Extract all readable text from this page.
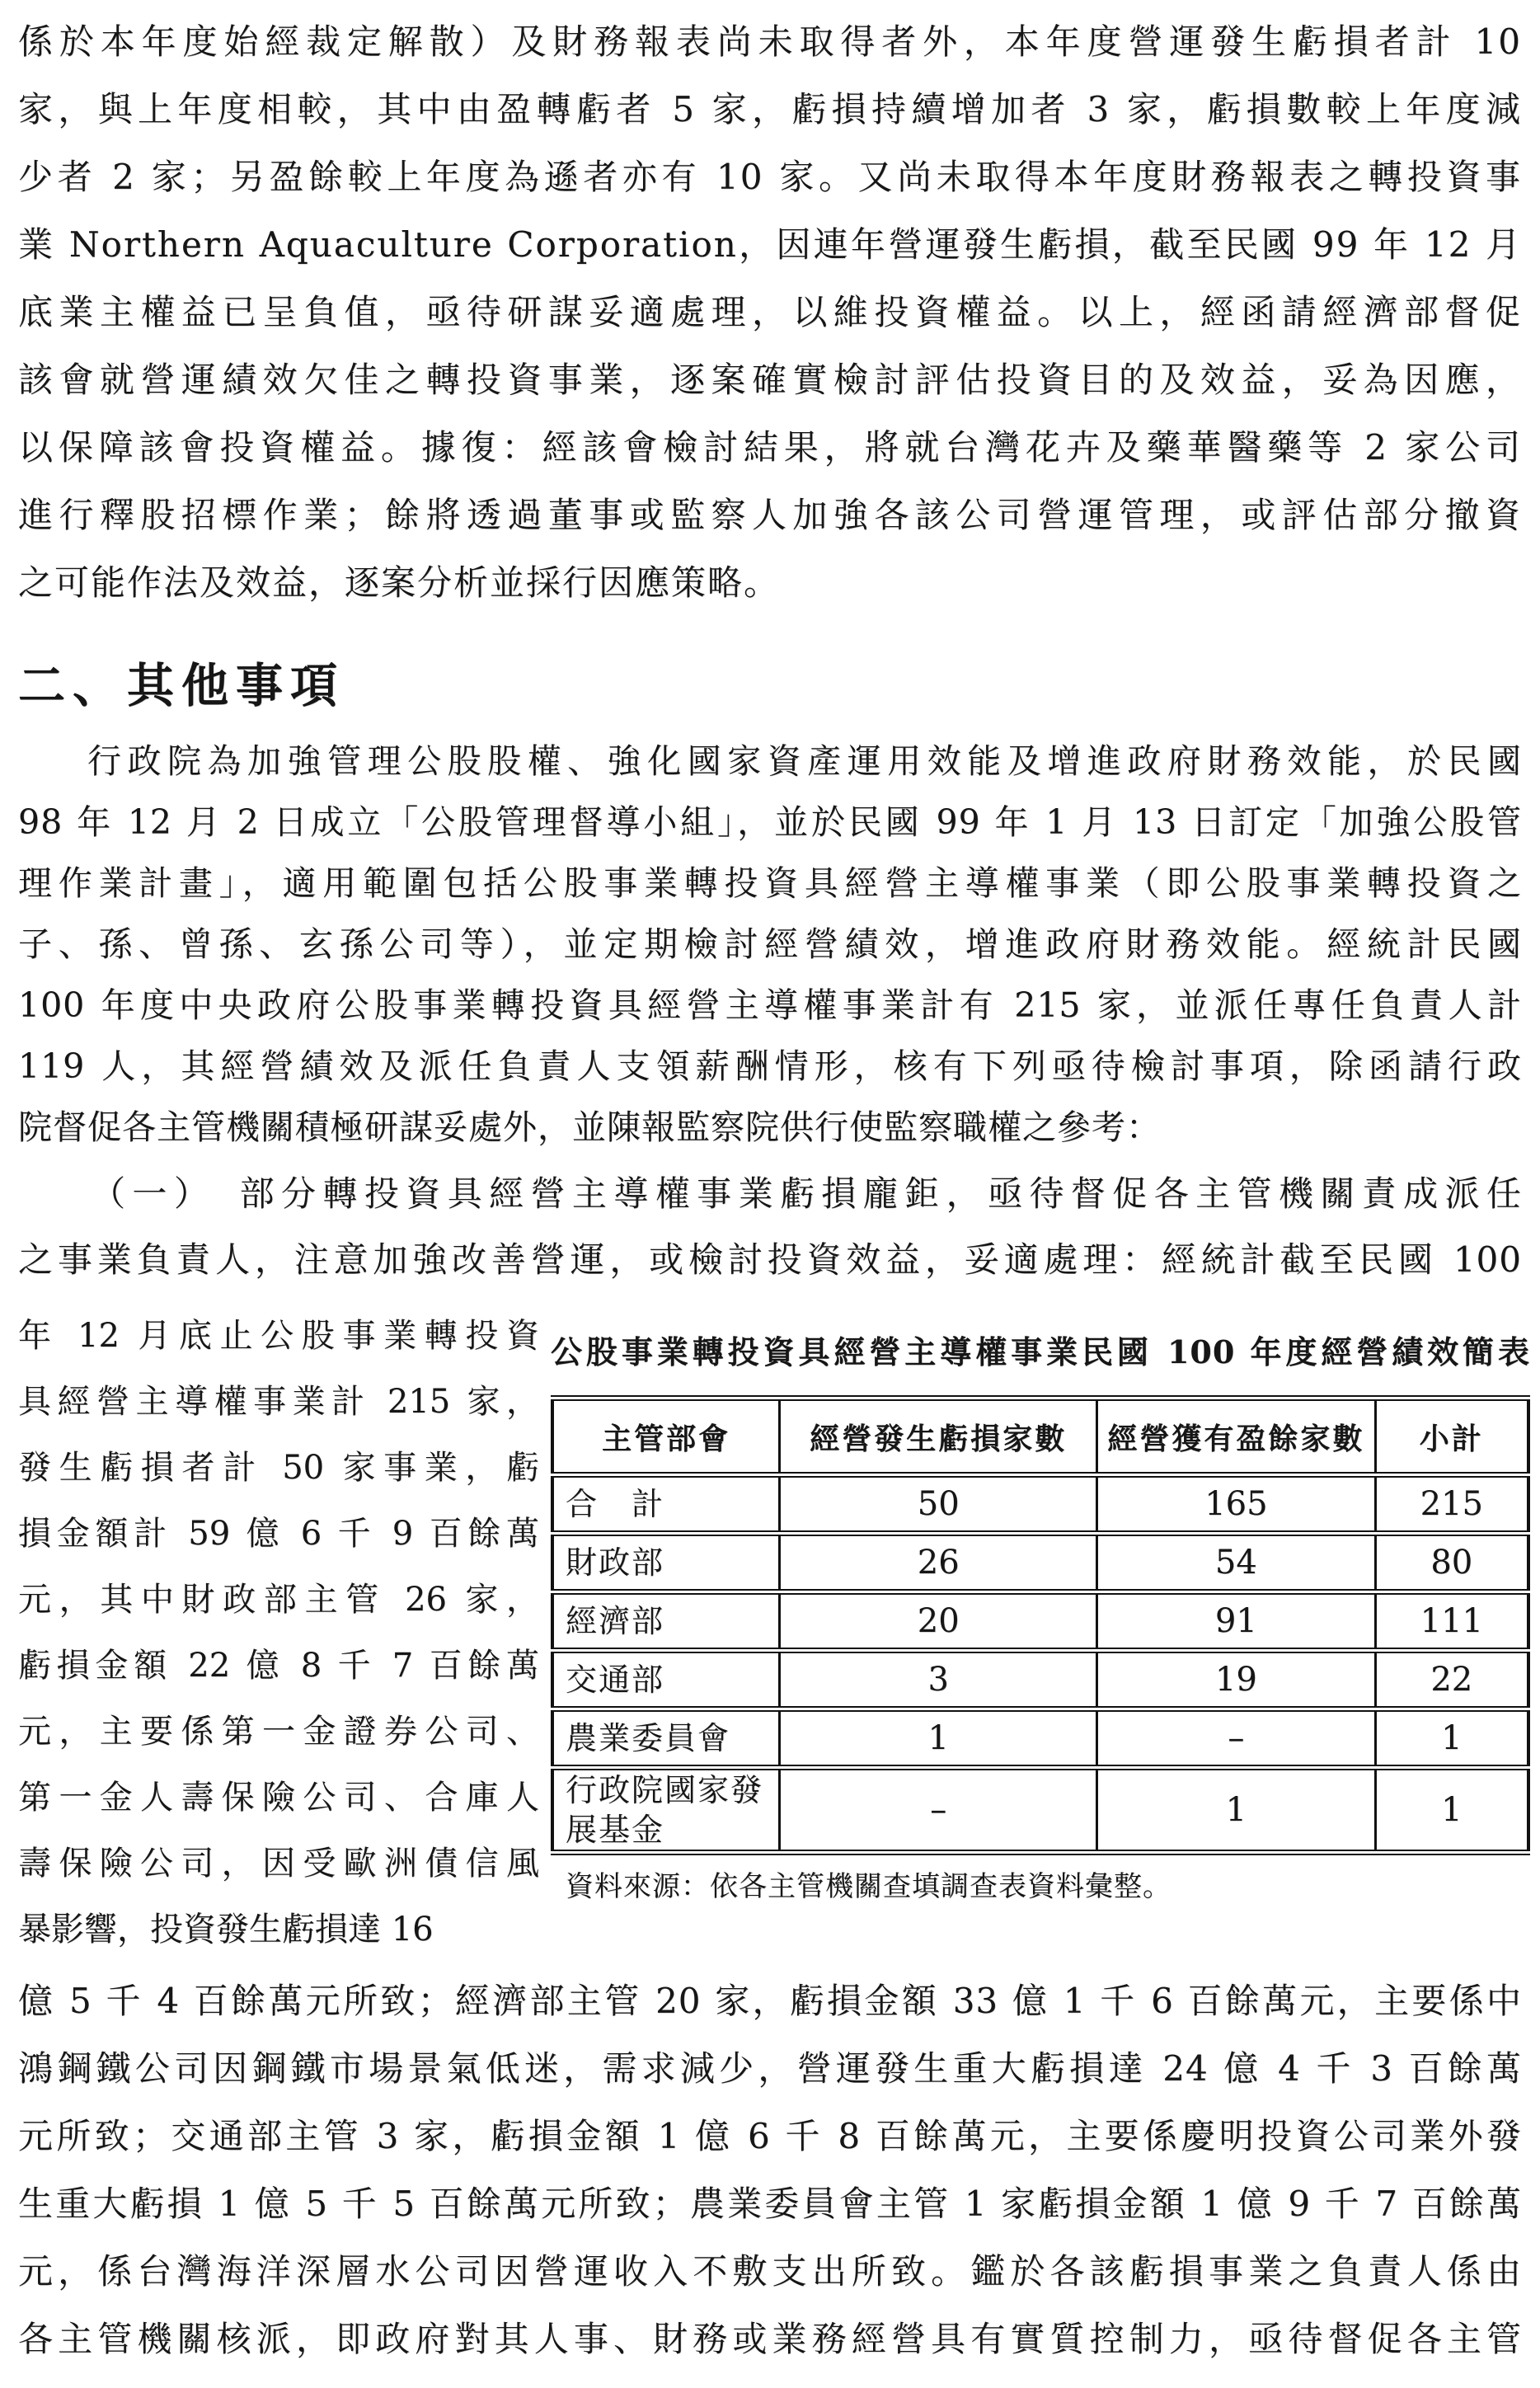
係於本年度始經裁定解散）及財務報表尚未取得者外，本年度營運發生虧損者計 10
家，與上年度相較，其中由盈轉虧者 5 家，虧損持續增加者 3 家，虧損數較上年度減
少者 2 家；另盈餘較上年度為遜者亦有 10 家。又尚未取得本年度財務報表之轉投資事
業 Northern Aquaculture Corporation，因連年營運發生虧損，截至民國 99 年 12 月
底業主權益已呈負值，亟待研謀妥適處理，以維投資權益。以上，經函請經濟部督促
該會就營運績效欠佳之轉投資事業，逐案確實檢討評估投資目的及效益，妥為因應，
以保障該會投資權益。據復：經該會檢討結果，將就台灣花卉及藥華醫藥等 2 家公司
進行釋股招標作業；餘將透過董事或監察人加強各該公司營運管理，或評估部分撤資
之可能作法及效益，逐案分析並採行因應策略。
二、其他事項
行政院為加強管理公股股權、強化國家資產運用效能及增進政府財務效能，於民國
98 年 12 月 2 日成立「公股管理督導小組」，並於民國 99 年 1 月 13 日訂定「加強公股管
理作業計畫」，適用範圍包括公股事業轉投資具經營主導權事業（即公股事業轉投資之
子、孫、曾孫、玄孫公司等），並定期檢討經營績效，增進政府財務效能。經統計民國
100 年度中央政府公股事業轉投資具經營主導權事業計有 215 家，並派任專任負責人計
119 人，其經營績效及派任負責人支領薪酬情形，核有下列亟待檢討事項，除函請行政
院督促各主管機關積極研謀妥處外，並陳報監察院供行使監察職權之參考：
（一）　部分轉投資具經營主導權事業虧損龐鉅，亟待督促各主管機關責成派任
之事業負責人，注意加強改善營運，或檢討投資效益，妥適處理：經統計截至民國 100
年 12 月底止公股事業轉投資
具經營主導權事業計 215 家，
發生虧損者計 50 家事業，虧
損金額計 59 億 6 千 9 百餘萬
元，其中財政部主管 26 家，
虧損金額 22 億 8 千 7 百餘萬
元，主要係第一金證券公司、
第一金人壽保險公司、合庫人
壽保險公司，因受歐洲債信風
暴影響，投資發生虧損達 16
公股事業轉投資具經營主導權事業民國 100 年度經營績效簡表
主管部會	經營發生虧損家數	經營獲有盈餘家數	小計
合　計	50	165	215
財政部	26	54	80
經濟部	20	91	111
交通部	3	19	22
農業委員會	1	–	1
行政院國家發展基金	–	1	1
資料來源：依各主管機關查填調查表資料彙整。
億 5 千 4 百餘萬元所致；經濟部主管 20 家，虧損金額 33 億 1 千 6 百餘萬元，主要係中
鴻鋼鐵公司因鋼鐵市場景氣低迷，需求減少，營運發生重大虧損達 24 億 4 千 3 百餘萬
元所致；交通部主管 3 家，虧損金額 1 億 6 千 8 百餘萬元，主要係慶明投資公司業外發
生重大虧損 1 億 5 千 5 百餘萬元所致；農業委員會主管 1 家虧損金額 1 億 9 千 7 百餘萬
元，係台灣海洋深層水公司因營運收入不敷支出所致。鑑於各該虧損事業之負責人係由
各主管機關核派，即政府對其人事、財務或業務經營具有實質控制力，亟待督促各主管
